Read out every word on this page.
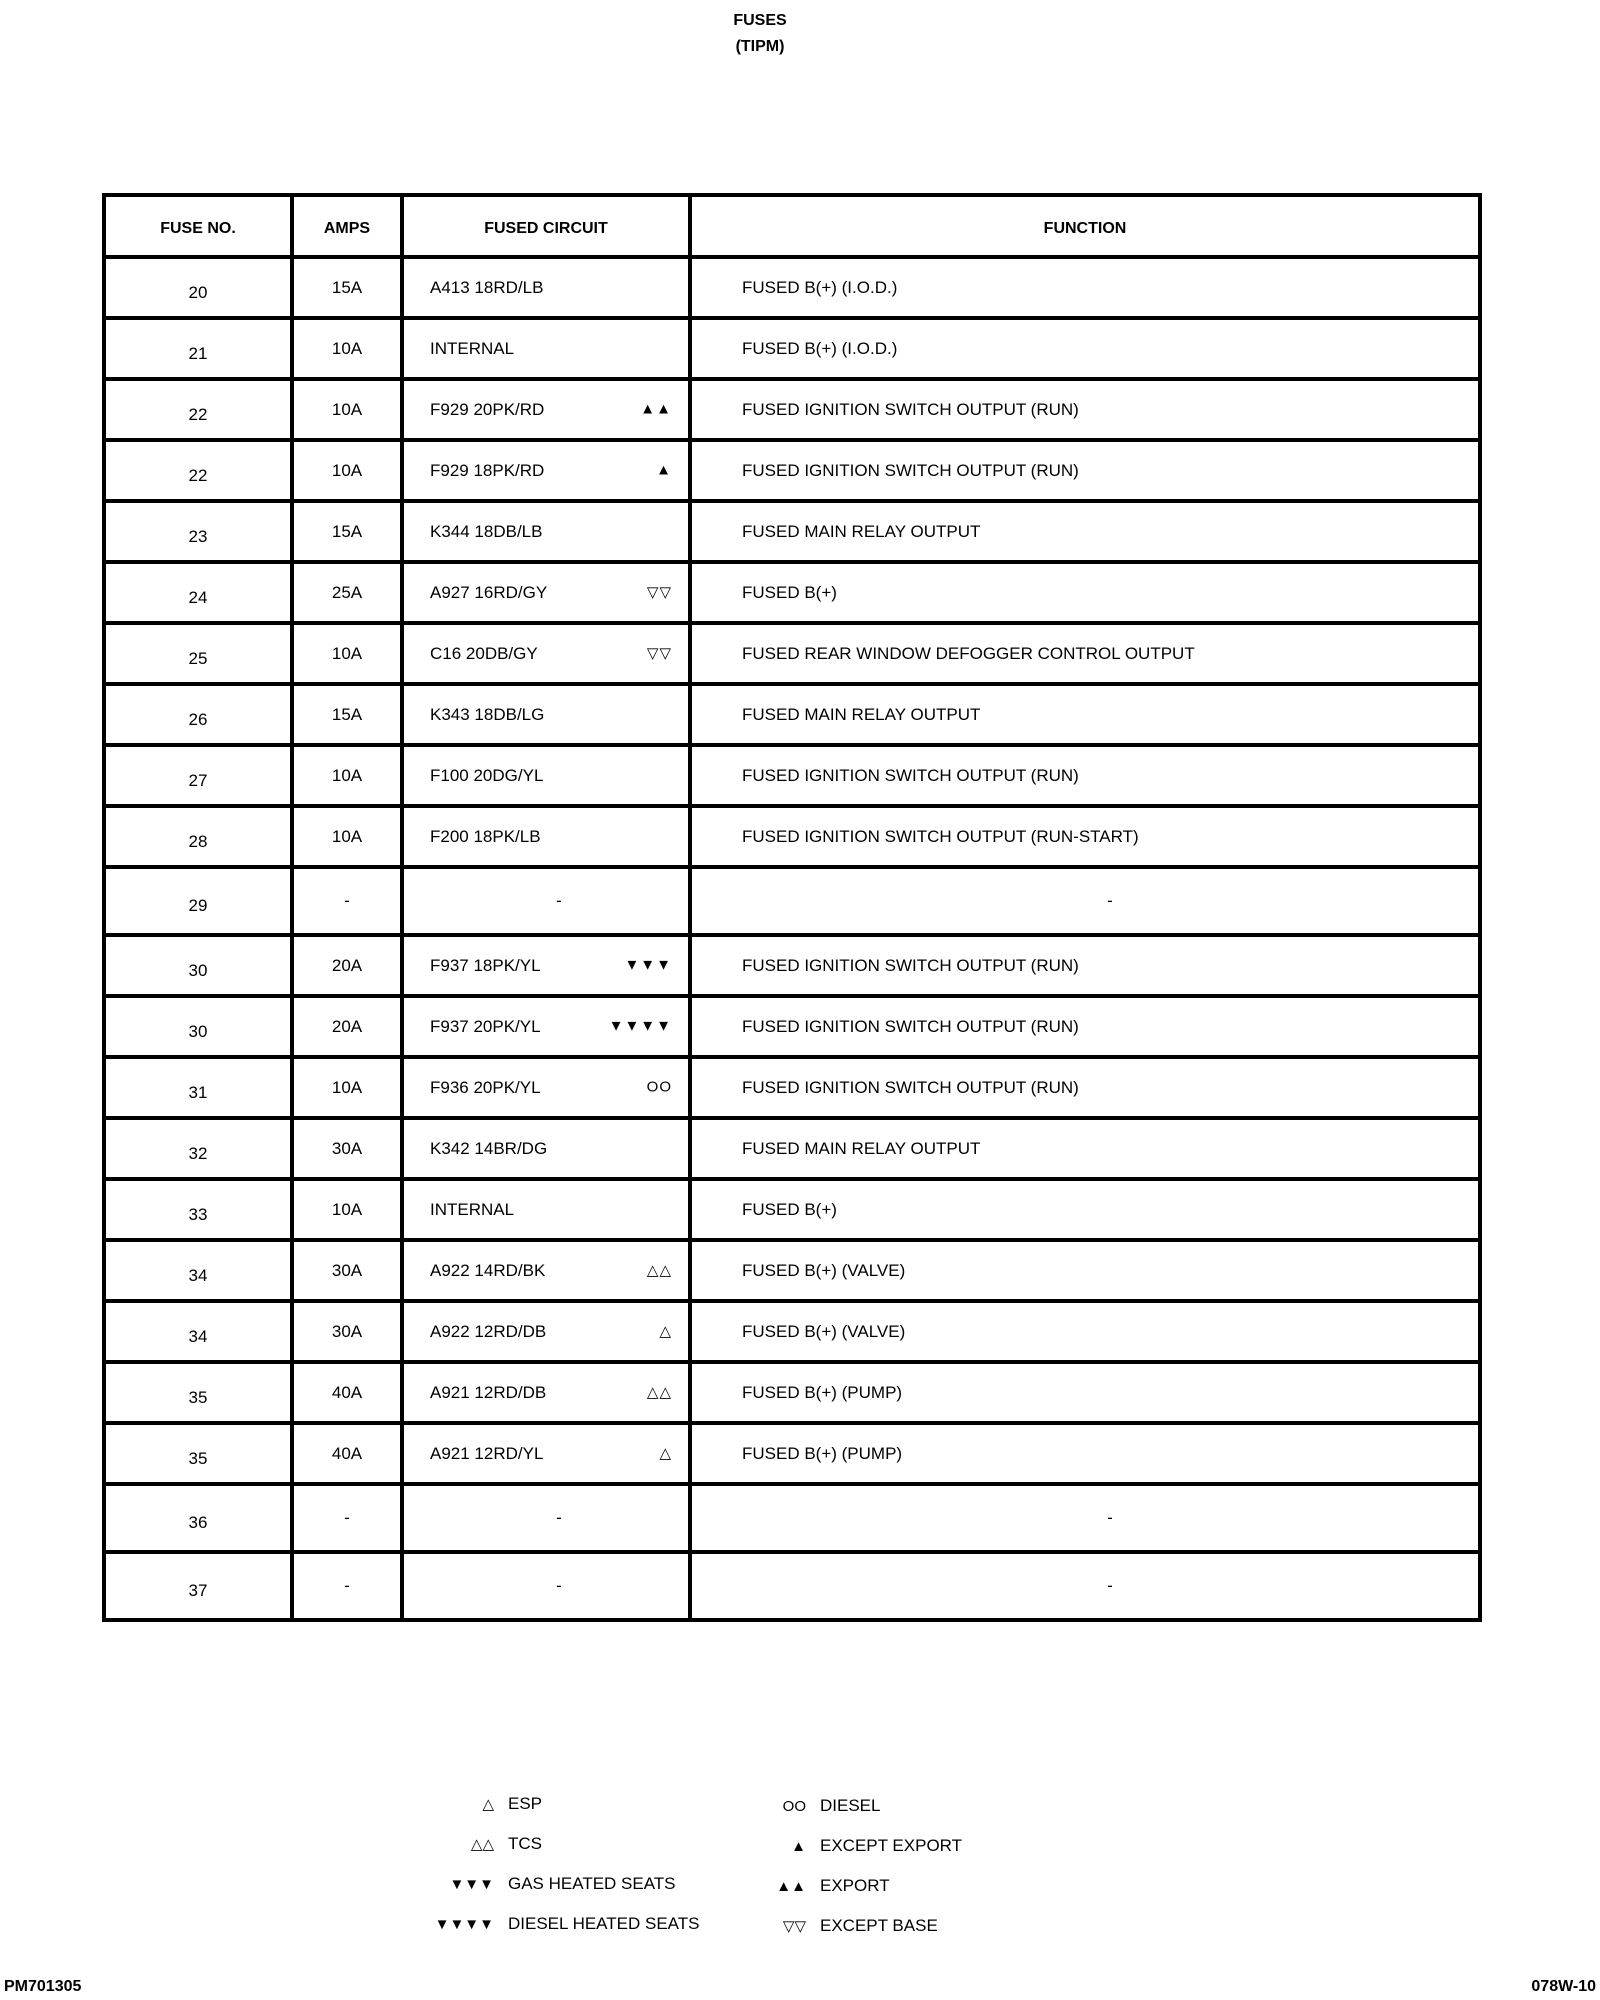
FUSES
(TIPM)
FUSE NO.	AMPS	FUSED CIRCUIT	FUNCTION
20	15A	A413 18RD/LB	FUSED B(+) (I.O.D.)
21	10A	INTERNAL	FUSED B(+) (I.O.D.)
22	10A	F929 20PK/RD ▲▲	FUSED IGNITION SWITCH OUTPUT (RUN)
22	10A	F929 18PK/RD ▲	FUSED IGNITION SWITCH OUTPUT (RUN)
23	15A	K344 18DB/LB	FUSED MAIN RELAY OUTPUT
24	25A	A927 16RD/GY ▽▽	FUSED B(+)
25	10A	C16 20DB/GY ▽▽	FUSED REAR WINDOW DEFOGGER CONTROL OUTPUT
26	15A	K343 18DB/LG	FUSED MAIN RELAY OUTPUT
27	10A	F100 20DG/YL	FUSED IGNITION SWITCH OUTPUT (RUN)
28	10A	F200 18PK/LB	FUSED IGNITION SWITCH OUTPUT (RUN-START)
29	-	-	-
30	20A	F937 18PK/YL ▼▼▼	FUSED IGNITION SWITCH OUTPUT (RUN)
30	20A	F937 20PK/YL ▼▼▼▼	FUSED IGNITION SWITCH OUTPUT (RUN)
31	10A	F936 20PK/YL OO	FUSED IGNITION SWITCH OUTPUT (RUN)
32	30A	K342 14BR/DG	FUSED MAIN RELAY OUTPUT
33	10A	INTERNAL	FUSED B(+)
34	30A	A922 14RD/BK △△	FUSED B(+) (VALVE)
34	30A	A922 12RD/DB △	FUSED B(+) (VALVE)
35	40A	A921 12RD/DB △△	FUSED B(+) (PUMP)
35	40A	A921 12RD/YL △	FUSED B(+) (PUMP)
36	-	-	-
37	-	-	-
△ ESP
△△ TCS
▼▼▼ GAS HEATED SEATS
▼▼▼▼ DIESEL HEATED SEATS
OO DIESEL
▲ EXCEPT EXPORT
▲▲ EXPORT
▽▽ EXCEPT BASE
PM701305	078W-10
